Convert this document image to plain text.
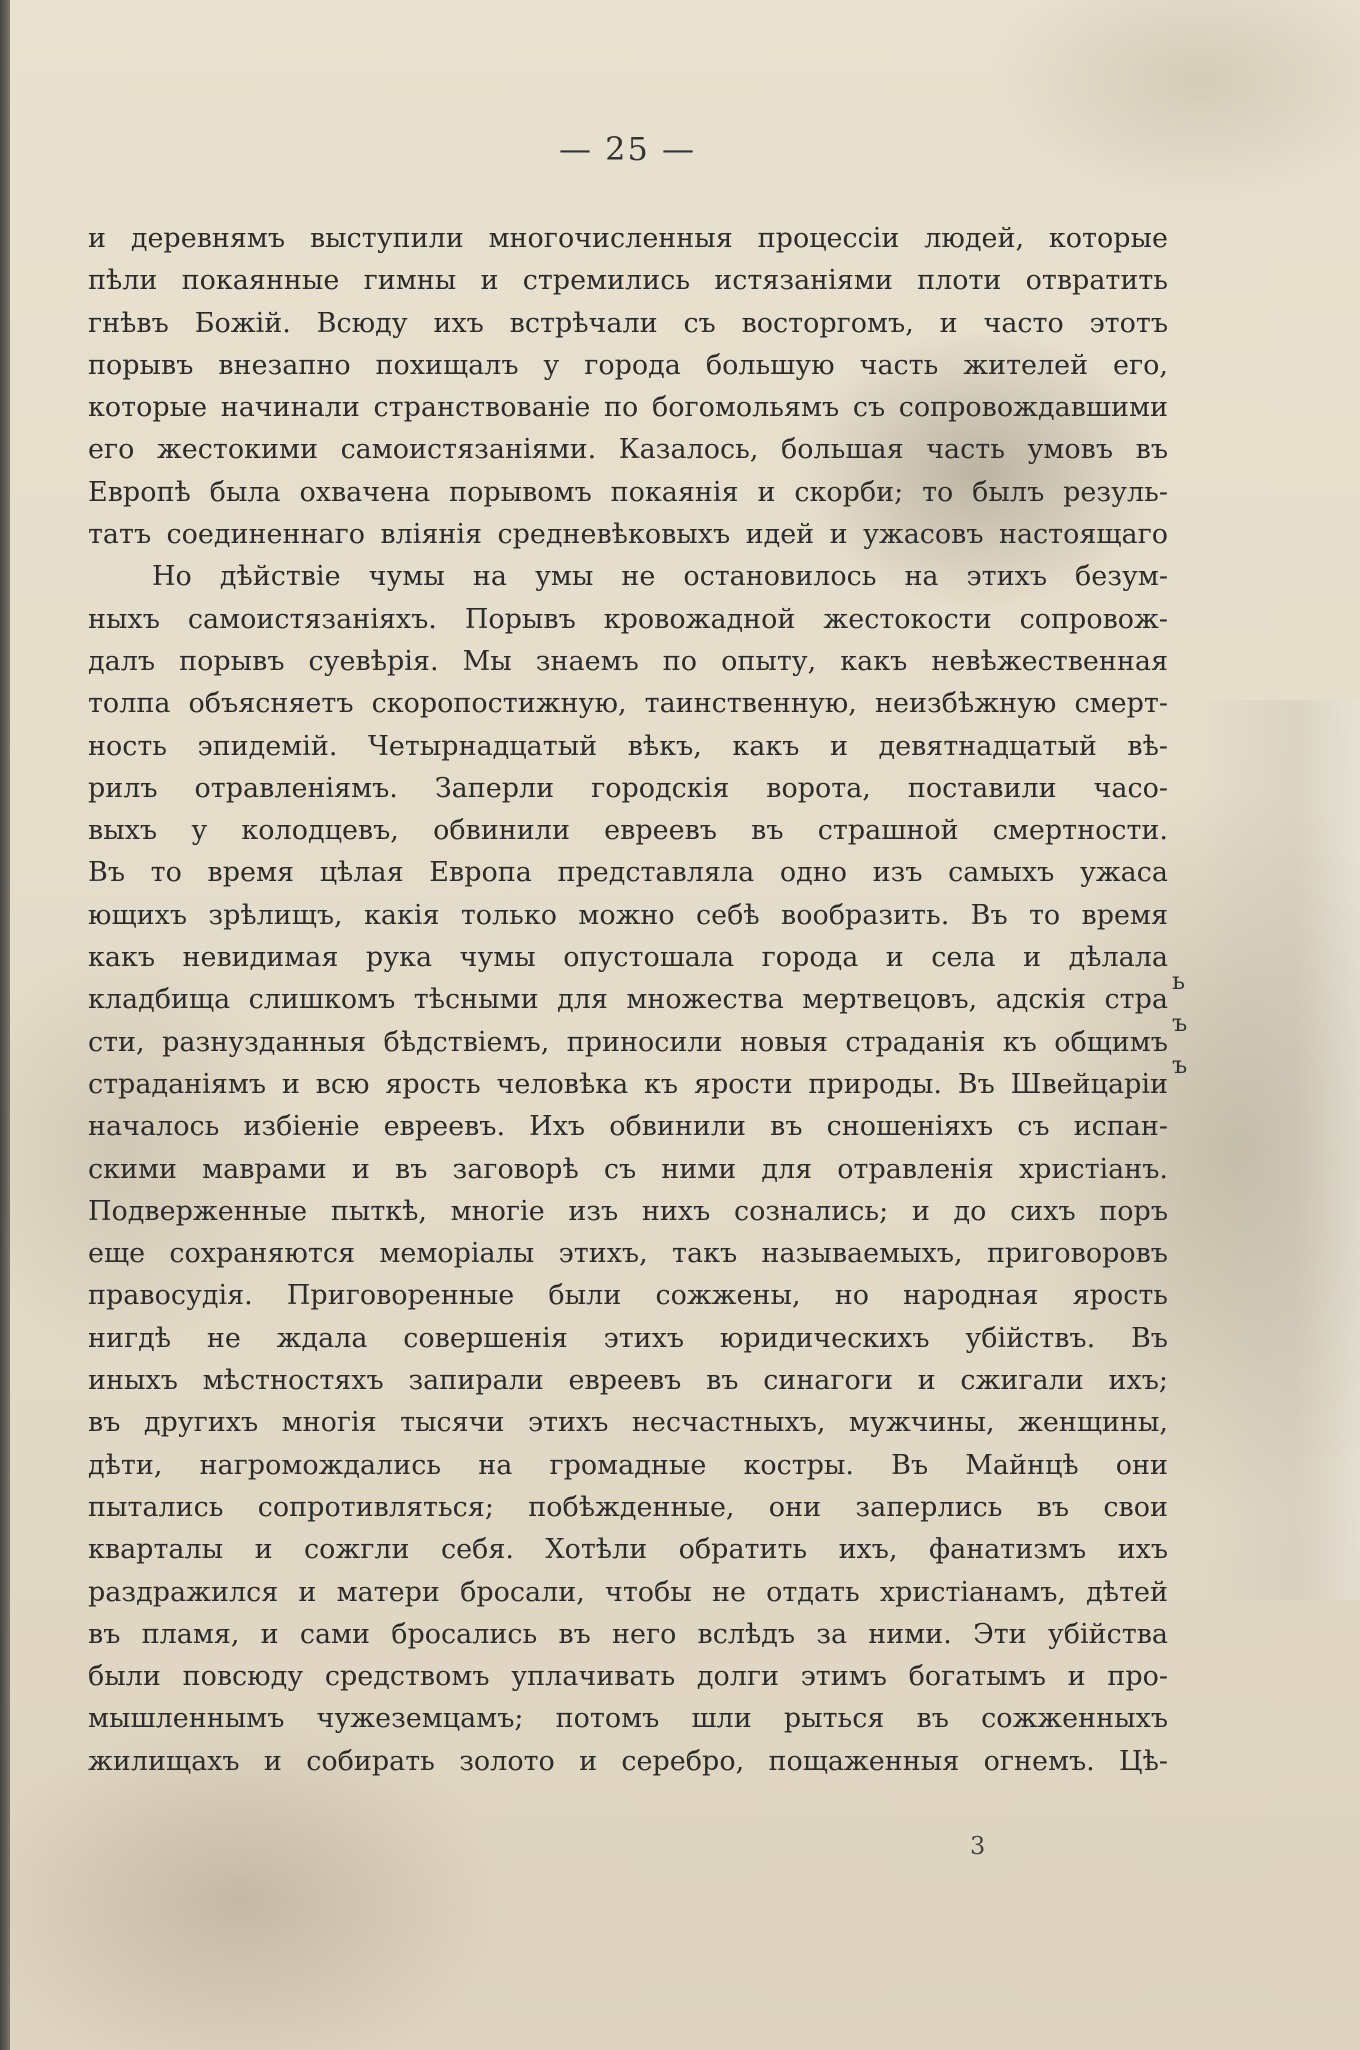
— 25 —
и деревнямъ выступили многочисленныя процессіи людей, которые
пѣли покаянные гимны и стремились истязаніями плоти отвратить
гнѣвъ Божій. Всюду ихъ встрѣчали съ восторгомъ, и часто этотъ
порывъ внезапно похищалъ у города большую часть жителей его,
которые начинали странствованіе по богомольямъ съ сопровождавшими
его жестокими самоистязаніями. Казалось, большая часть умовъ въ
Европѣ была охвачена порывомъ покаянія и скорби; то былъ резуль-
татъ соединеннаго вліянія средневѣковыхъ идей и ужасовъ настоящаго
Но дѣйствіе чумы на умы не остановилось на этихъ безум-
ныхъ самоистязаніяхъ. Порывъ кровожадной жестокости сопровож-
далъ порывъ суевѣрія. Мы знаемъ по опыту, какъ невѣжественная
толпа объясняетъ скоропостижную, таинственную, неизбѣжную смерт-
ность эпидемій. Четырнадцатый вѣкъ, какъ и девятнадцатый вѣ-
рилъ отравленіямъ. Заперли городскія ворота, поставили часо-
выхъ у колодцевъ, обвинили евреевъ въ страшной смертности.
Въ то время цѣлая Европа представляла одно изъ самыхъ ужаса
ющихъ зрѣлищъ, какія только можно себѣ вообразить. Въ то время
какъ невидимая рука чумы опустошала города и села и дѣлала
кладбища слишкомъ тѣсными для множества мертвецовъ, адскія стра
сти, разнузданныя бѣдствіемъ, приносили новыя страданія къ общимъ
страданіямъ и всю ярость человѣка къ ярости природы. Въ Швейцаріи
началось избіеніе евреевъ. Ихъ обвинили въ сношеніяхъ съ испан-
скими маврами и въ заговорѣ съ ними для отравленія христіанъ.
Подверженные пыткѣ, многіе изъ нихъ сознались; и до сихъ поръ
еще сохраняются меморіалы этихъ, такъ называемыхъ, приговоровъ
правосудія. Приговоренные были сожжены, но народная ярость
нигдѣ не ждала совершенія этихъ юридическихъ убійствъ. Въ
иныхъ мѣстностяхъ запирали евреевъ въ синагоги и сжигали ихъ;
въ другихъ многія тысячи этихъ несчастныхъ, мужчины, женщины,
дѣти, нагромождались на громадные костры. Въ Майнцѣ они
пытались сопротивляться; побѣжденные, они заперлись въ свои
кварталы и сожгли себя. Хотѣли обратить ихъ, фанатизмъ ихъ
раздражился и матери бросали, чтобы не отдать христіанамъ, дѣтей
въ пламя, и сами бросались въ него вслѣдъ за ними. Эти убійства
были повсюду средствомъ уплачивать долги этимъ богатымъ и про-
мышленнымъ чужеземцамъ; потомъ шли рыться въ сожженныхъ
жилищахъ и собирать золото и серебро, пощаженныя огнемъ. Цѣ-
ь
ъ
ъ
3
